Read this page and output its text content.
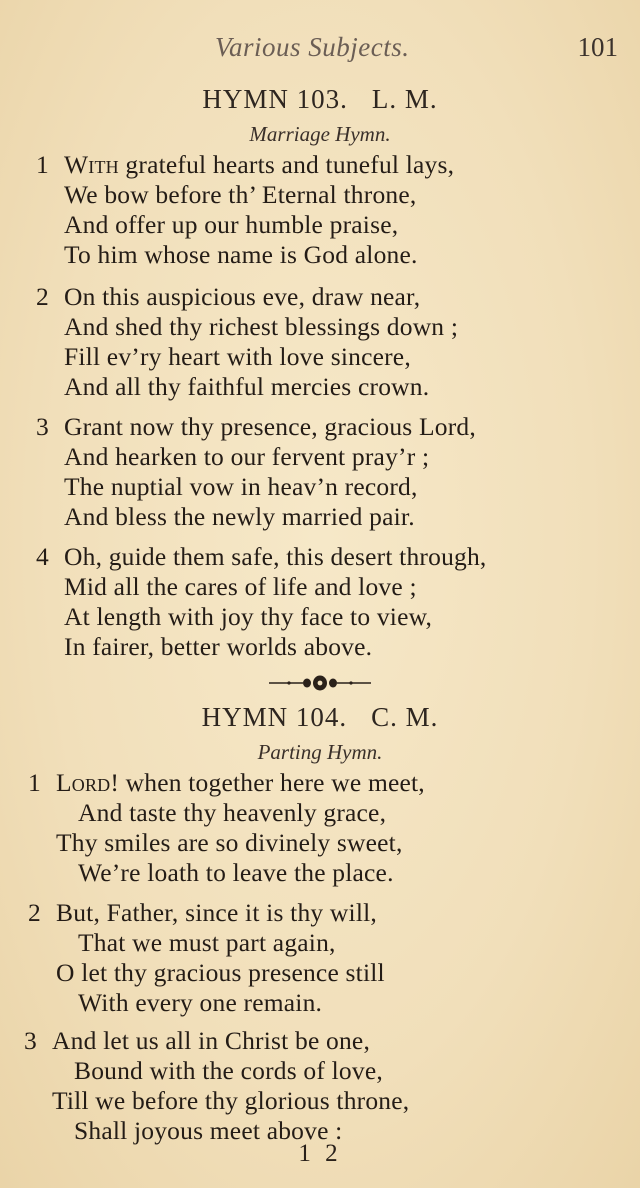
Various Subjects.	101
HYMN 103. L. M.
Marriage Hymn.
1 With grateful hearts and tuneful lays,
We bow before th’ Eternal throne,
And offer up our humble praise,
To him whose name is God alone.
2 On this auspicious eve, draw near,
And shed thy richest blessings down ;
Fill ev’ry heart with love sincere,
And all thy faithful mercies crown.
3 Grant now thy presence, gracious Lord,
And hearken to our fervent pray’r ;
The nuptial vow in heav’n record,
And bless the newly married pair.
4 Oh, guide them safe, this desert through,
Mid all the cares of life and love ;
At length with joy thy face to view,
In fairer, better worlds above.
HYMN 104. C. M.
Parting Hymn.
1 Lord! when together here we meet,
And taste thy heavenly grace,
Thy smiles are so divinely sweet,
We’re loath to leave the place.
2 But, Father, since it is thy will,
That we must part again,
O let thy gracious presence still
With every one remain.
3 And let us all in Christ be one,
Bound with the cords of love,
Till we before thy glorious throne,
Shall joyous meet above :
1 2
